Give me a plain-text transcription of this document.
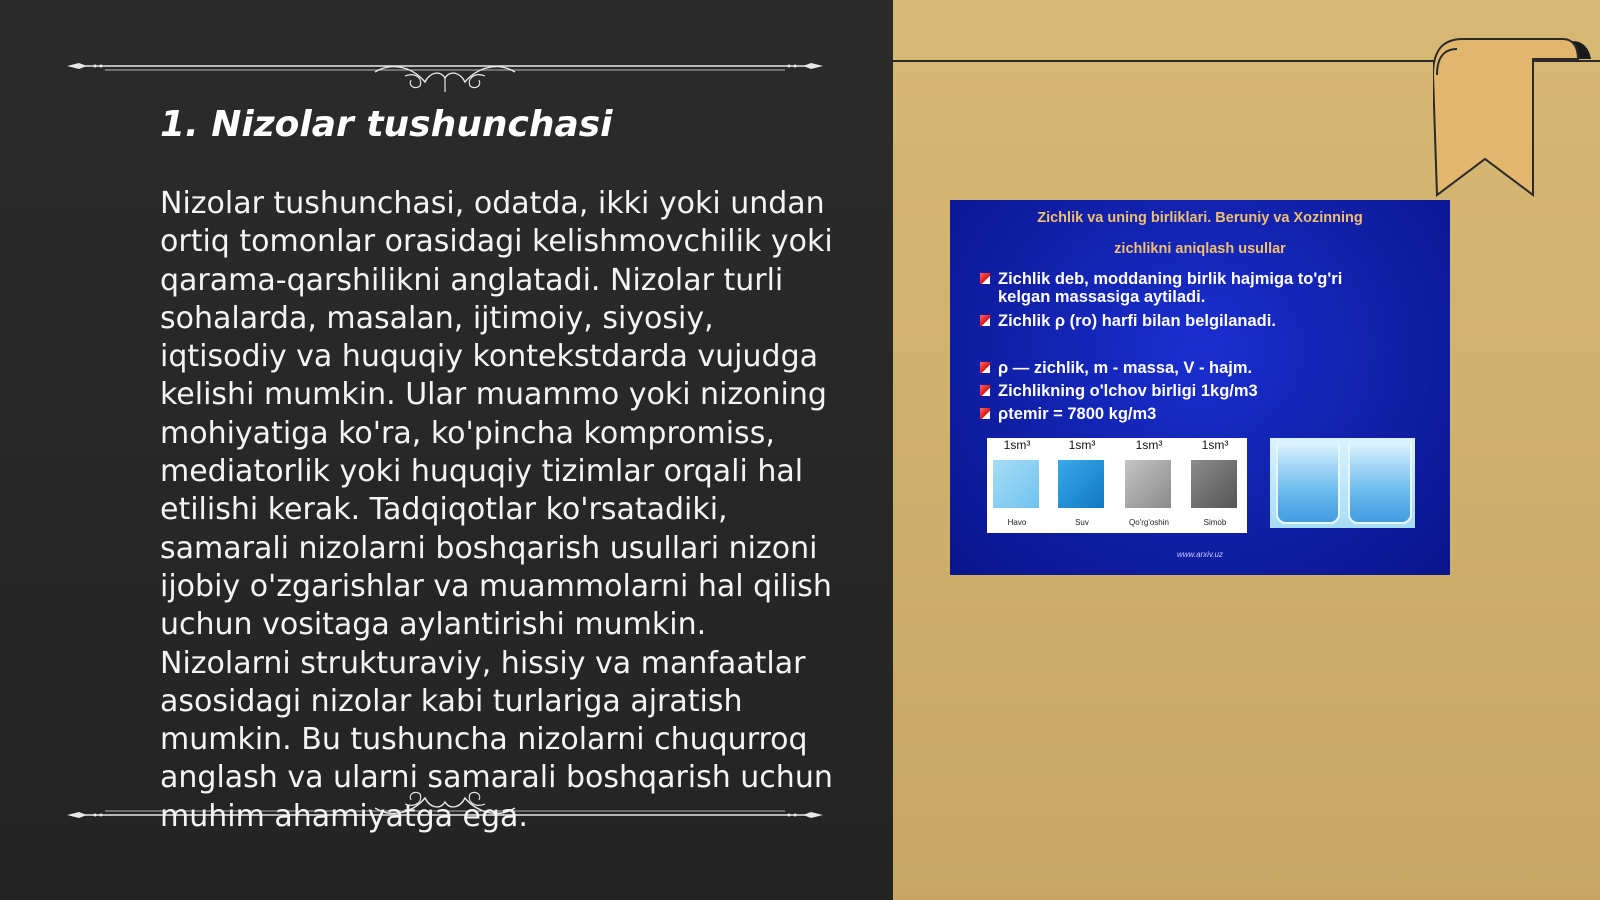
1. Nizolar tushunchasi

Nizolar tushunchasi, odatda, ikki yoki undan ortiq tomonlar orasidagi kelishmovchilik yoki qarama-qarshilikni anglatadi. Nizolar turli sohalarda, masalan, ijtimoiy, siyosiy, iqtisodiy va huquqiy kontekstdarda vujudga kelishi mumkin. Ular muammo yoki nizoning mohiyatiga ko'ra, ko'pincha kompromiss, mediatorlik yoki huquqiy tizimlar orqali hal etilishi kerak. Tadqiqotlar ko'rsatadiki, samarali nizolarni boshqarish usullari nizoni ijobiy o'zgarishlar va muammolarni hal qilish uchun vositaga aylantirishi mumkin. Nizolarni strukturaviy, hissiy va manfaatlar asosidagi nizolar kabi turlariga ajratish mumkin. Bu tushuncha nizolarni chuqurroq anglash va ularni samarali boshqarish uchun muhim ahamiyatga ega.

Zichlik va uning birliklari. Beruniy va Xozinning
zichlikni aniqlash usullar
Zichlik deb, moddaning birlik hajmiga to'g'ri
kelgan massasiga aytiladi.
Zichlik ρ (ro) harfi bilan belgilanadi.
ρ — zichlik, m - massa, V - hajm.
Zichlikning o'lchov birligi 1kg/m3
ρtemir = 7800 kg/m3
1sm³
Havo
1sm³
Suv
1sm³
Qo'rg'oshin
1sm³
Simob
www.arxiv.uz
